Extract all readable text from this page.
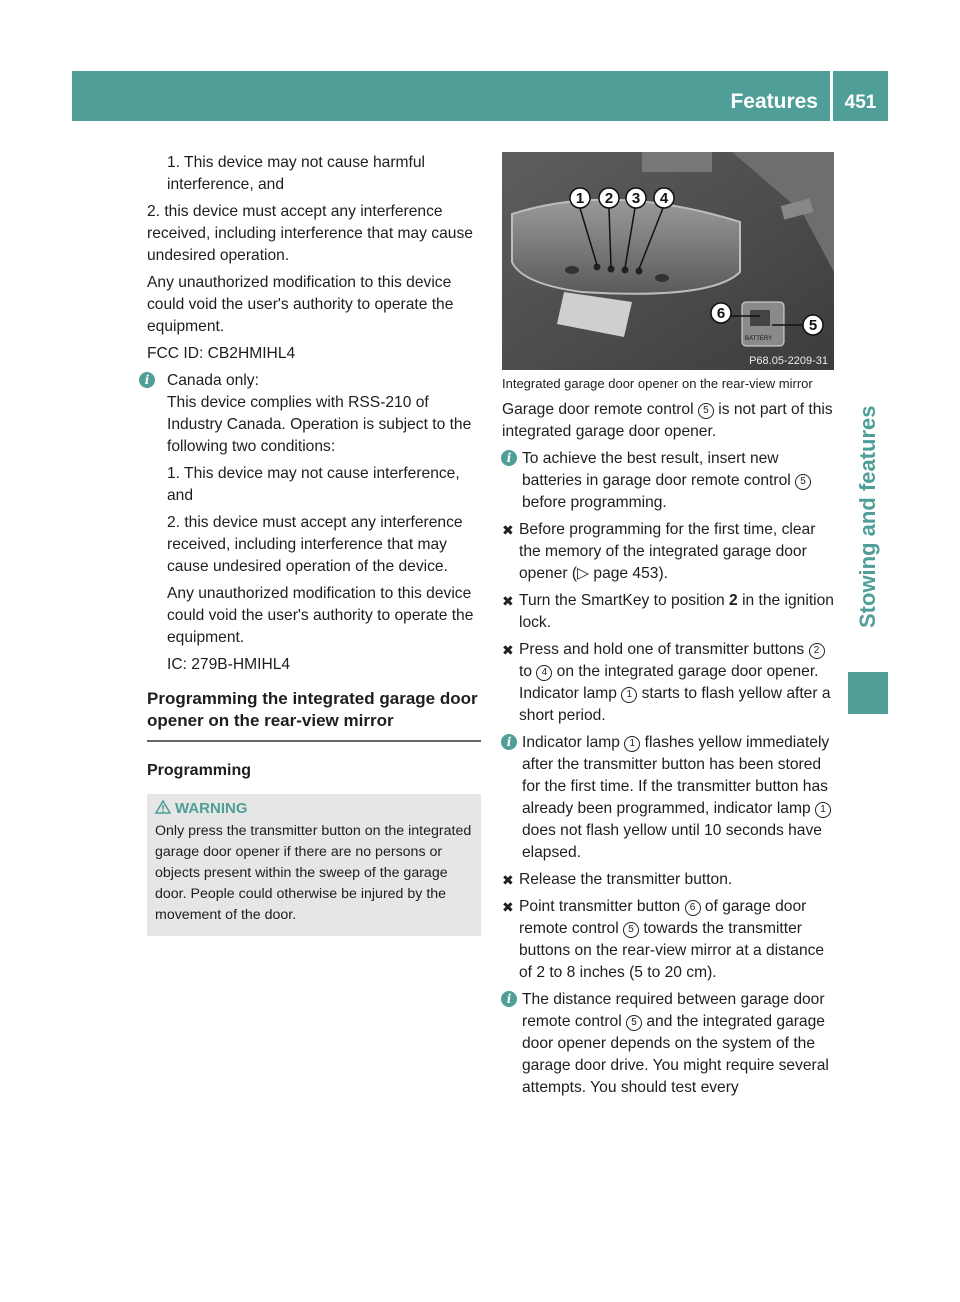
Features	451
Stowing and features

1. This device may not cause harmful interference, and

2. this device must accept any interference received, including interference that may cause undesired operation.

Any unauthorized modification to this device could void the user's authority to operate the equipment.

FCC ID: CB2HMIHL4

i	Canada only:

This device complies with RSS-210 of Industry Canada. Operation is subject to the following two conditions:

1. This device may not cause interference, and

2. this device must accept any interference received, including interference that may cause undesired operation of the device.

Any unauthorized modification to this device could void the user's authority to operate the equipment.

IC: 279B-HMIHL4

Programming the integrated garage door opener on the rear-view mirror
Programming
WARNING
Only press the transmitter button on the integrated garage door opener if there are no persons or objects present within the sweep of the garage door. People could otherwise be injured by the movement of the door.
BATTERY
1 2 3 4
5
6
P68.05-2209-31
Integrated garage door opener on the rear-view mirror

Garage door remote control 5 is not part of this integrated garage door opener.

i To achieve the best result, insert new batteries in garage door remote control 5 before programming.
✖ Before programming for the first time, clear the memory of the integrated garage door opener (▷ page 453).
✖ Turn the SmartKey to position 2 in the ignition lock.
✖ Press and hold one of transmitter buttons 2 to 4 on the integrated garage door opener.
Indicator lamp 1 starts to flash yellow after a short period.
i Indicator lamp 1 flashes yellow immediately after the transmitter button has been stored for the first time. If the transmitter button has already been programmed, indicator lamp 1 does not flash yellow until 10 seconds have elapsed.
✖ Release the transmitter button.
✖ Point transmitter button 6 of garage door remote control 5 towards the transmitter buttons on the rear-view mirror at a distance of 2 to 8 inches (5 to 20 cm).
i The distance required between garage door remote control 5 and the integrated garage door opener depends on the system of the garage door drive. You might require several attempts. You should test every
